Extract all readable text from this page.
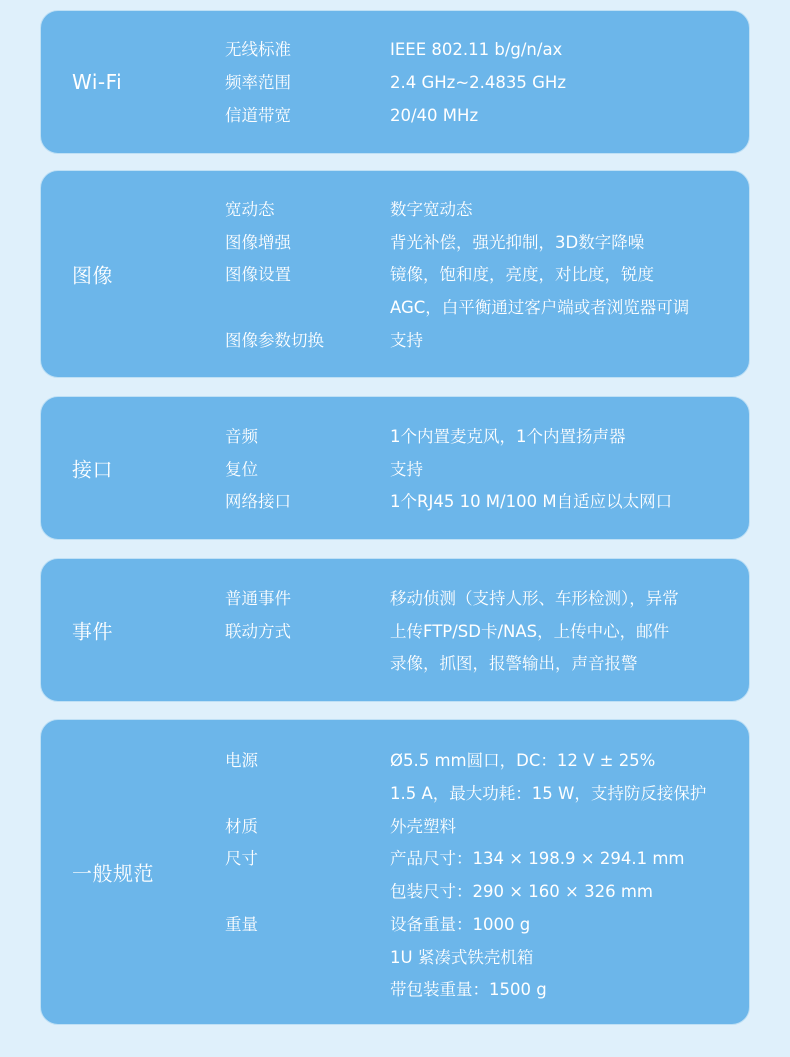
Wi-Fi
无线标准	IEEE 802.11 b/g/n/ax
频率范围	2.4 GHz~2.4835 GHz
信道带宽	20/40 MHz
图像
宽动态	数字宽动态
图像增强	背光补偿，强光抑制，3D数字降噪
图像设置	镜像，饱和度，亮度，对比度，锐度
AGC，白平衡通过客户端或者浏览器可调
图像参数切换	支持
接口
音频	1个内置麦克风，1个内置扬声器
复位	支持
网络接口	1个RJ45 10 M/100 M自适应以太网口
事件
普通事件	移动侦测（支持人形、车形检测），异常
联动方式	上传FTP/SD卡/NAS，上传中心，邮件
录像，抓图，报警输出，声音报警
一般规范
电源	Ø5.5 mm圆口，DC：12 V ± 25%
1.5 A，最大功耗：15 W，支持防反接保护
材质	外壳塑料
尺寸	产品尺寸：134 × 198.9 × 294.1 mm
包装尺寸：290 × 160 × 326 mm
重量	设备重量：1000 g
1U 紧凑式铁壳机箱
带包装重量：1500 g
